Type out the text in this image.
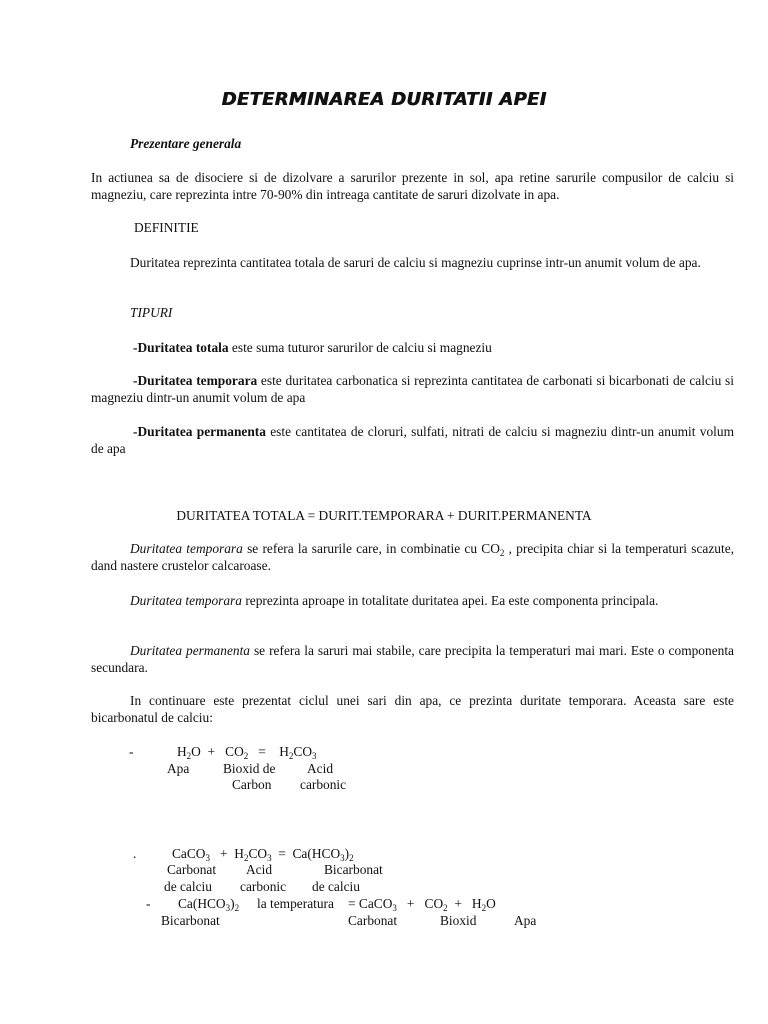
DETERMINAREA DURITATII APEI

Prezentare generala

In actiunea sa de disociere si de dizolvare a sarurilor prezente in sol, apa retine sarurile compusilor de calciu si magneziu, care reprezinta intre 70-90% din intreaga cantitate de saruri dizolvate in apa.

DEFINITIE

Duritatea reprezinta cantitatea totala de saruri de calciu si magneziu cuprinse intr-un anumit volum de apa.

TIPURI

-Duritatea totala este suma tuturor sarurilor de calciu si magneziu

-Duritatea temporara este duritatea carbonatica si reprezinta cantitatea de carbonati si bicarbonati de calciu si magneziu dintr-un anumit volum de apa

-Duritatea permanenta este cantitatea de cloruri, sulfati, nitrati de calciu si magneziu dintr-un anumit volum de apa

DURITATEA TOTALA = DURIT.TEMPORARA + DURIT.PERMANENTA

Duritatea temporara se refera la sarurile care, in combinatie cu $CO_2$ , precipita chiar si la temperaturi scazute, dand nastere crustelor calcaroase.

Duritatea temporara reprezinta aproape in totalitate duritatea apei. Ea este componenta principala.

Duritatea permanenta se refera la saruri mai stabile, care precipita la temperaturi mai mari. Este o componenta secundara.

In continuare este prezentat ciclul unei sari din apa, ce prezinta duritate temporara. Aceasta sare este bicarbonatul de calciu:

-	$H_2O + CO_2$   =    $H_2CO_3$
Apa	Bioxid de Acid
Carbon carbonic
.	CaCO$_3$   +  $H_2CO_3 = Ca(HCO_3)_2$
Carbonat Acid	Bicarbonat
de calciu carbonic de calciu
- $Ca(HCO_3)_2$ la temperatura = CaCO$_3$   +   $CO_2 + H_2O$
Bicarbonat	Carbonat	Bioxid	Apa
